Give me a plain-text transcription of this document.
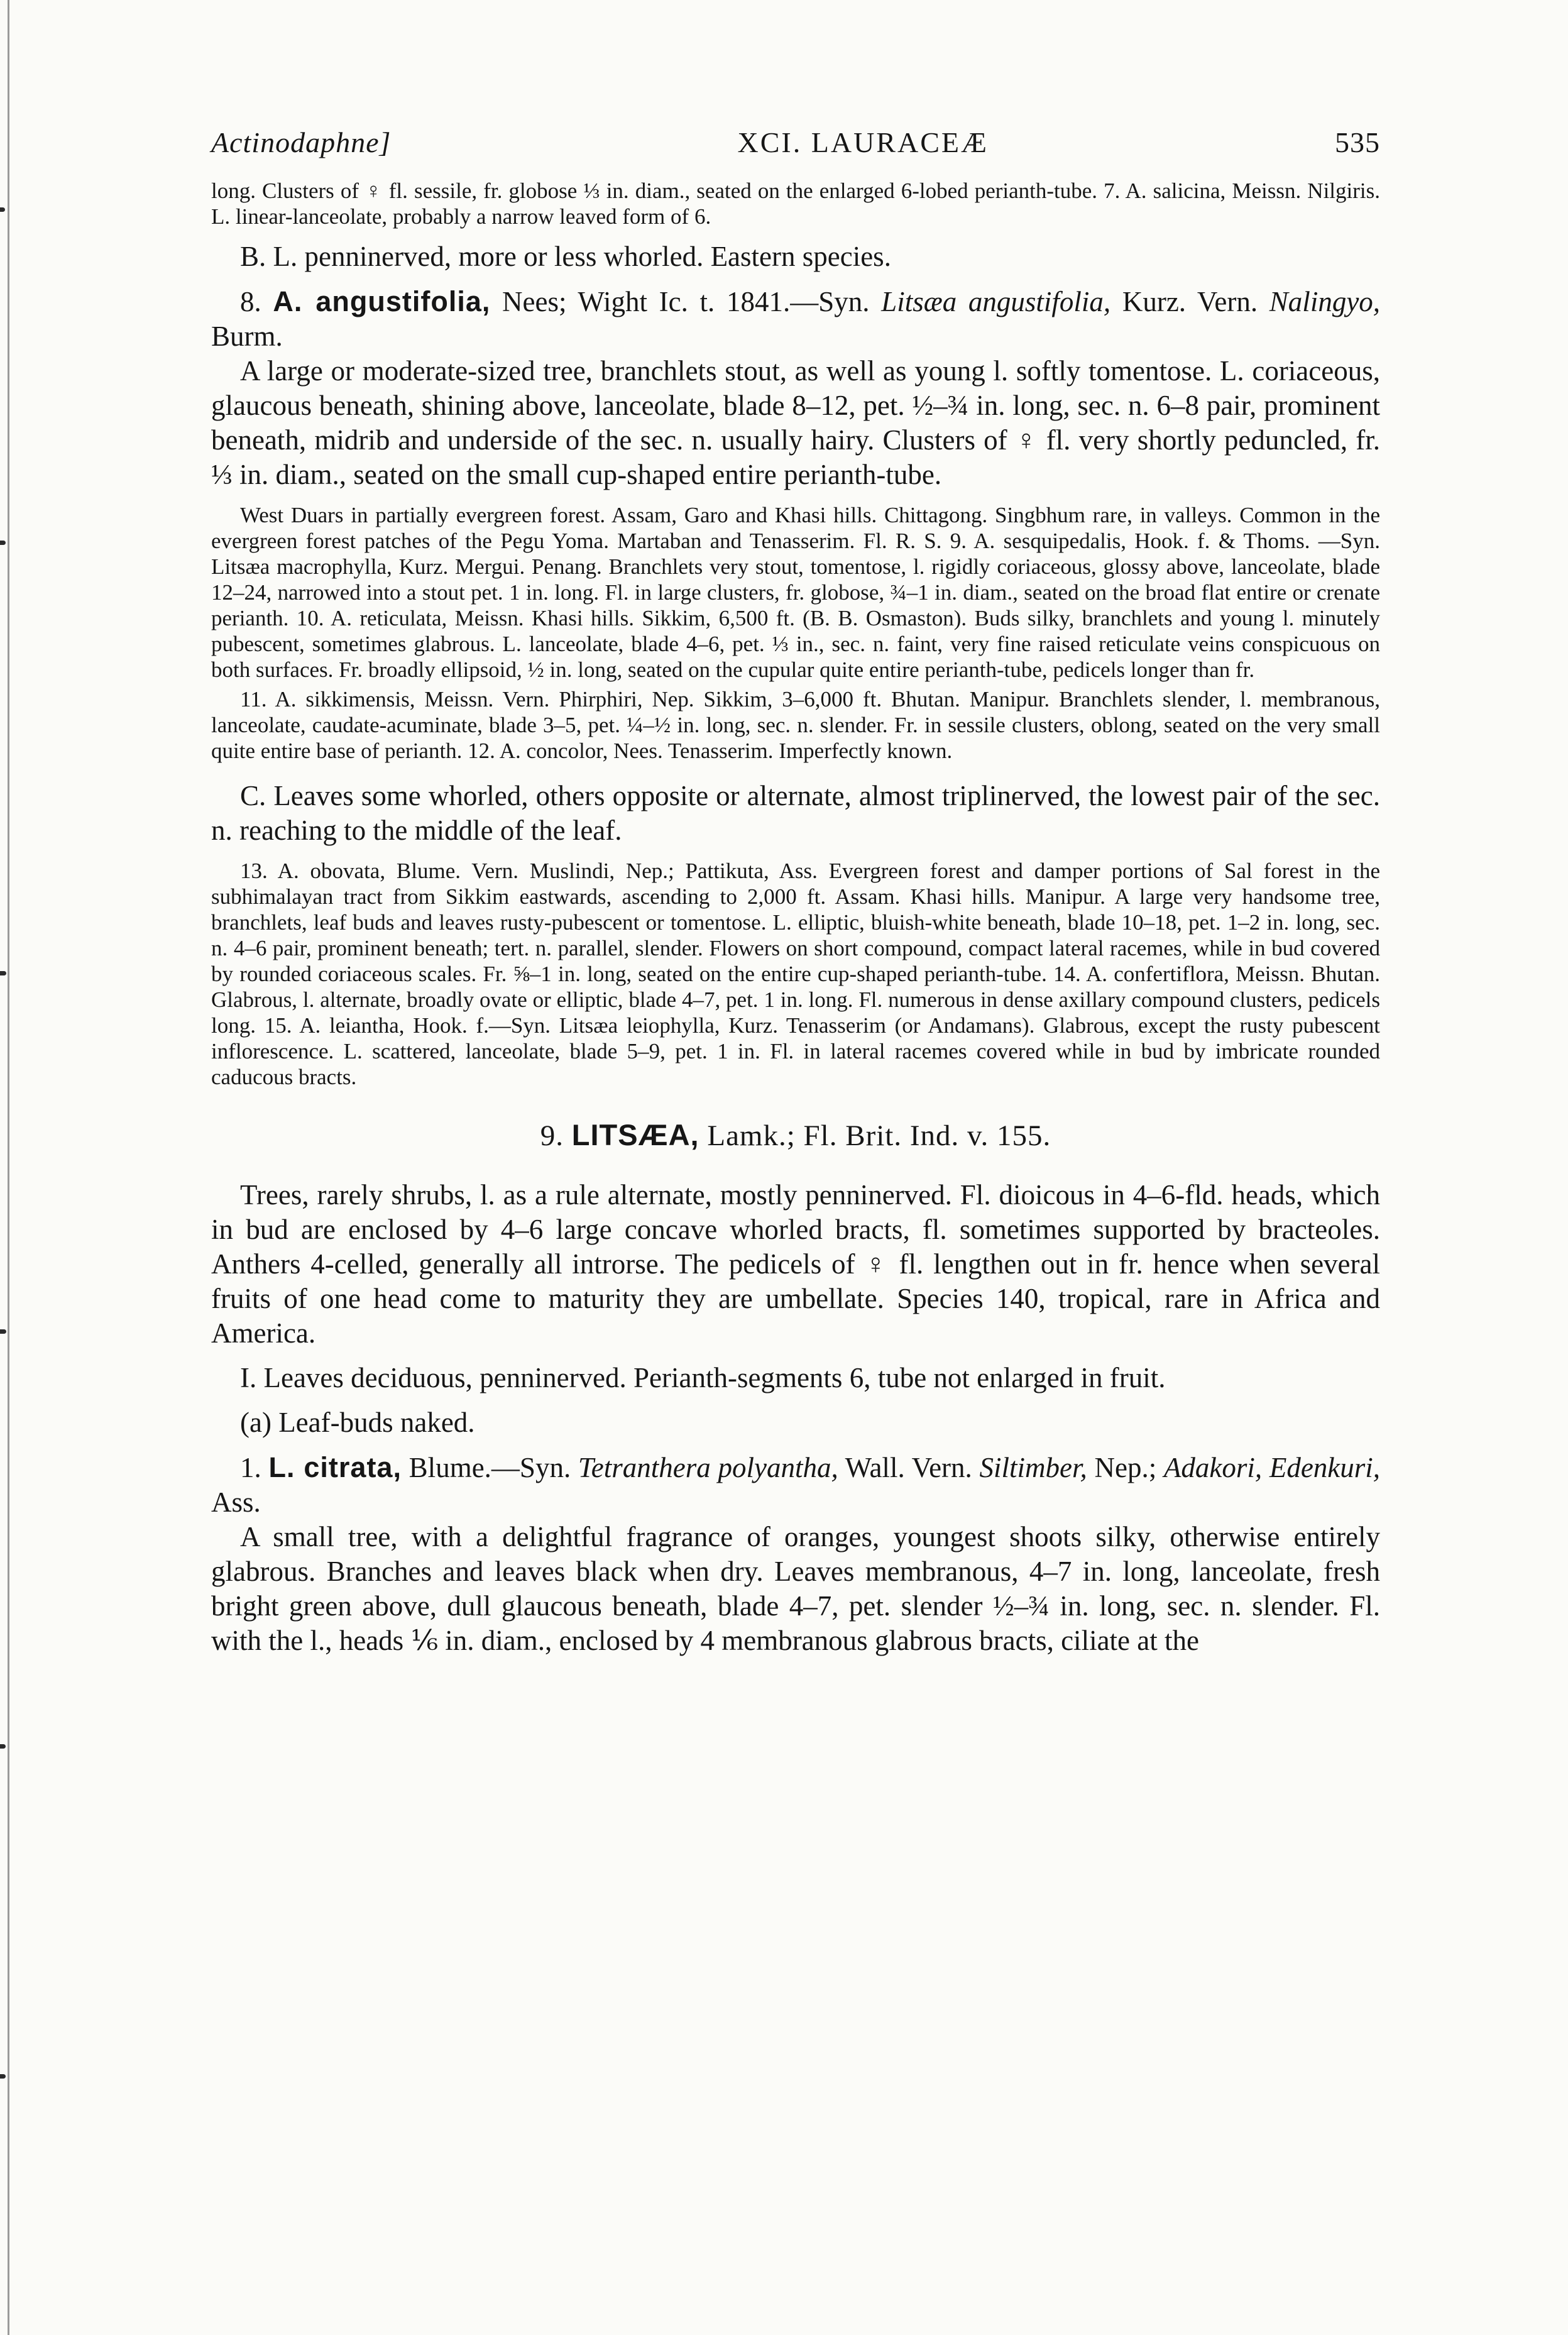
Actinodaphne]	XCI. LAURACEÆ	535

long. Clusters of ♀ fl. sessile, fr. globose ⅓ in. diam., seated on the enlarged 6-lobed perianth-tube. 7. A. salicina, Meissn. Nilgiris. L. linear-lanceolate, probably a narrow leaved form of 6.

B. L. penninerved, more or less whorled. Eastern species.

8. A. angustifolia, Nees; Wight Ic. t. 1841.—Syn. Litsæa angustifolia, Kurz. Vern. Nalingyo, Burm.

A large or moderate-sized tree, branchlets stout, as well as young l. softly tomentose. L. coriaceous, glaucous beneath, shining above, lanceolate, blade 8–12, pet. ½–¾ in. long, sec. n. 6–8 pair, prominent beneath, midrib and underside of the sec. n. usually hairy. Clusters of ♀ fl. very shortly peduncled, fr. ⅓ in. diam., seated on the small cup-shaped entire perianth-tube.

West Duars in partially evergreen forest. Assam, Garo and Khasi hills. Chittagong. Singbhum rare, in valleys. Common in the evergreen forest patches of the Pegu Yoma. Martaban and Tenasserim. Fl. R. S. 9. A. sesquipedalis, Hook. f. & Thoms. —Syn. Litsæa macrophylla, Kurz. Mergui. Penang. Branchlets very stout, tomentose, l. rigidly coriaceous, glossy above, lanceolate, blade 12–24, narrowed into a stout pet. 1 in. long. Fl. in large clusters, fr. globose, ¾–1 in. diam., seated on the broad flat entire or crenate perianth. 10. A. reticulata, Meissn. Khasi hills. Sikkim, 6,500 ft. (B. B. Osmaston). Buds silky, branchlets and young l. minutely pubescent, sometimes glabrous. L. lanceolate, blade 4–6, pet. ⅓ in., sec. n. faint, very fine raised reticulate veins conspicuous on both surfaces. Fr. broadly ellipsoid, ½ in. long, seated on the cupular quite entire perianth-tube, pedicels longer than fr.

11. A. sikkimensis, Meissn. Vern. Phirphiri, Nep. Sikkim, 3–6,000 ft. Bhutan. Manipur. Branchlets slender, l. membranous, lanceolate, caudate-acuminate, blade 3–5, pet. ¼–½ in. long, sec. n. slender. Fr. in sessile clusters, oblong, seated on the very small quite entire base of perianth. 12. A. concolor, Nees. Tenasserim. Imperfectly known.

C. Leaves some whorled, others opposite or alternate, almost triplinerved, the lowest pair of the sec. n. reaching to the middle of the leaf.

13. A. obovata, Blume. Vern. Muslindi, Nep.; Pattikuta, Ass. Evergreen forest and damper portions of Sal forest in the subhimalayan tract from Sikkim eastwards, ascending to 2,000 ft. Assam. Khasi hills. Manipur. A large very handsome tree, branchlets, leaf buds and leaves rusty-pubescent or tomentose. L. elliptic, bluish-white beneath, blade 10–18, pet. 1–2 in. long, sec. n. 4–6 pair, prominent beneath; tert. n. parallel, slender. Flowers on short compound, compact lateral racemes, while in bud covered by rounded coriaceous scales. Fr. ⅝–1 in. long, seated on the entire cup-shaped perianth-tube. 14. A. confertiflora, Meissn. Bhutan. Glabrous, l. alternate, broadly ovate or elliptic, blade 4–7, pet. 1 in. long. Fl. numerous in dense axillary compound clusters, pedicels long. 15. A. leiantha, Hook. f.—Syn. Litsæa leiophylla, Kurz. Tenasserim (or Andamans). Glabrous, except the rusty pubescent inflorescence. L. scattered, lanceolate, blade 5–9, pet. 1 in. Fl. in lateral racemes covered while in bud by imbricate rounded caducous bracts.

9. LITSÆA, Lamk.; Fl. Brit. Ind. v. 155.

Trees, rarely shrubs, l. as a rule alternate, mostly penninerved. Fl. dioicous in 4–6-fld. heads, which in bud are enclosed by 4–6 large concave whorled bracts, fl. sometimes supported by bracteoles. Anthers 4-celled, generally all introrse. The pedicels of ♀ fl. lengthen out in fr. hence when several fruits of one head come to maturity they are umbellate. Species 140, tropical, rare in Africa and America.

I. Leaves deciduous, penninerved. Perianth-segments 6, tube not enlarged in fruit.

(a) Leaf-buds naked.

1. L. citrata, Blume.—Syn. Tetranthera polyantha, Wall. Vern. Siltimber, Nep.; Adakori, Edenkuri, Ass.

A small tree, with a delightful fragrance of oranges, youngest shoots silky, otherwise entirely glabrous. Branches and leaves black when dry. Leaves membranous, 4–7 in. long, lanceolate, fresh bright green above, dull glaucous beneath, blade 4–7, pet. slender ½–¾ in. long, sec. n. slender. Fl. with the l., heads ⅙ in. diam., enclosed by 4 membranous glabrous bracts, ciliate at the
